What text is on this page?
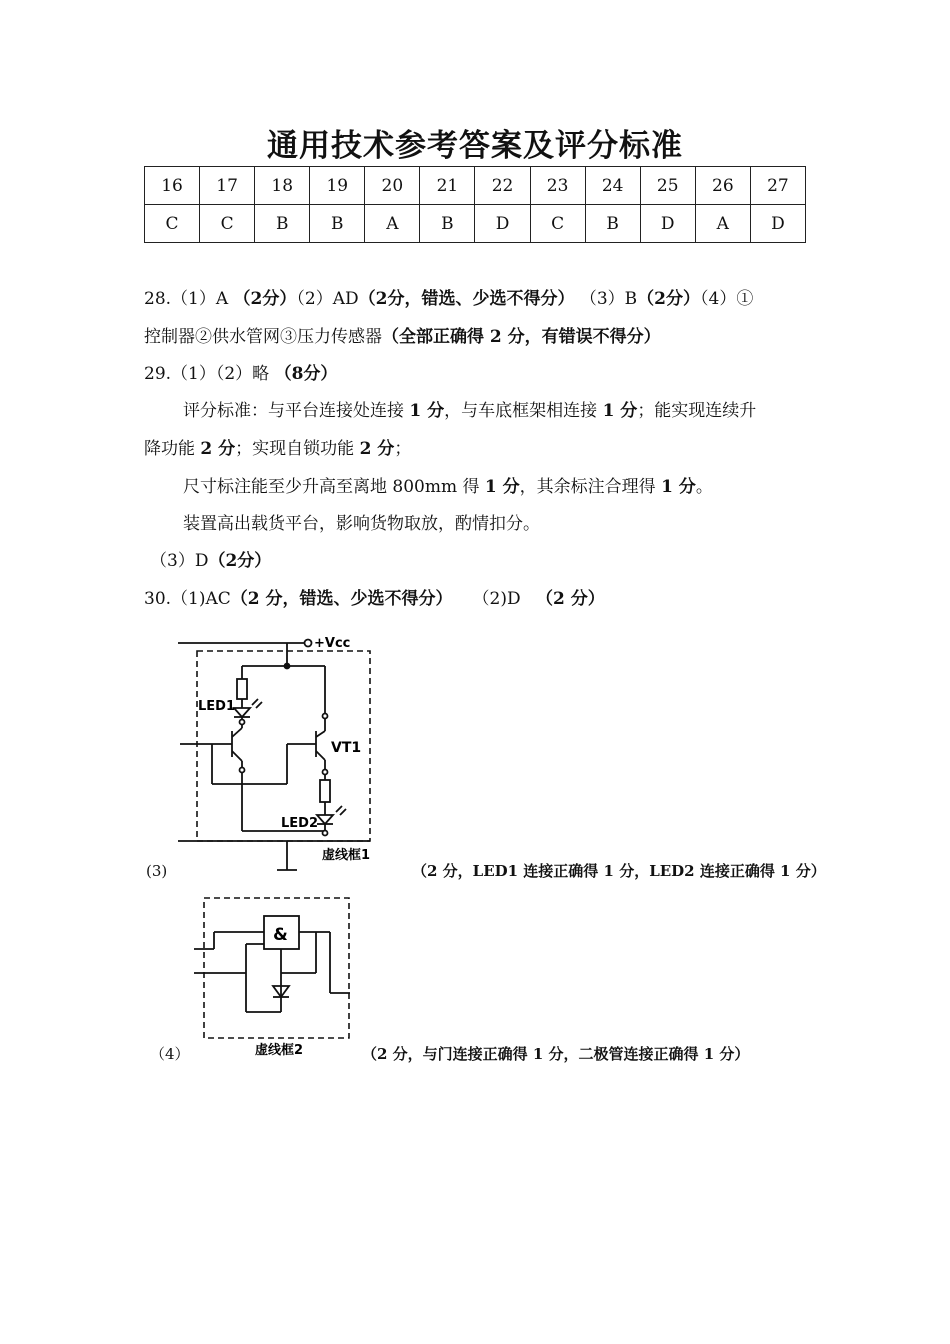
通用技术参考答案及评分标准
16	17	18	19	20	21	22	23	24	25	26	27
C	C	B	B	A	B	D	C	B	D	A	D
28.（1）A （2分）（2）AD（2分，错选、少选不得分） （3）B（2分）（4）①
控制器②供水管网③压力传感器（全部正确得 2 分，有错误不得分）
29.（1）（2）略 （8分）
评分标准：与平台连接处连接 1 分，与车底框架相连接 1 分；能实现连续升
降功能 2 分；实现自锁功能 2 分；
尺寸标注能至少升高至离地 800mm 得 1 分，其余标注合理得 1 分。
装置高出载货平台，影响货物取放，酌情扣分。
（3）D（2分）
30.（1)AC（2 分，错选、少选不得分） （2)D （2 分）
+Vcc
LED1
VT1
LED2
虚线框1
(3)	（2 分，LED1 连接正确得 1 分，LED2 连接正确得 1 分）
&
虚线框2
（4）	（2 分，与门连接正确得 1 分，二极管连接正确得 1 分）
